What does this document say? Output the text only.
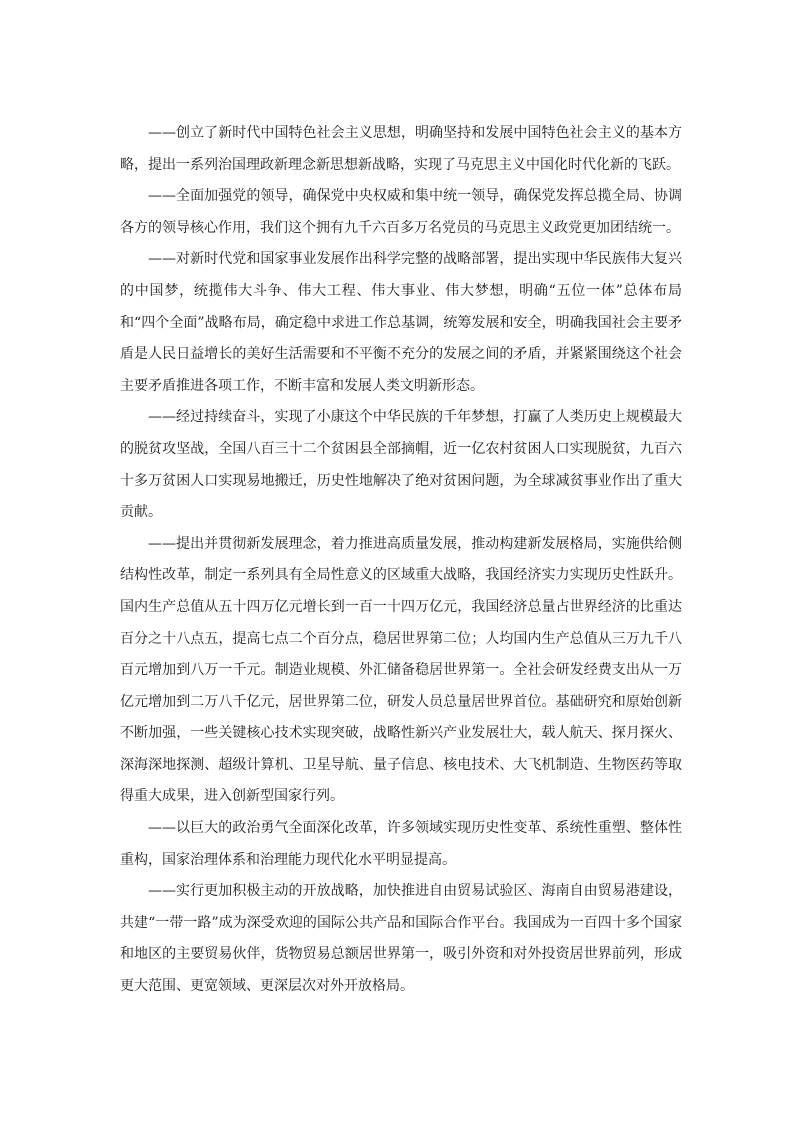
——创立了新时代中国特色社会主义思想，明确坚持和发展中国特色社会主义的基本方略，提出一系列治国理政新理念新思想新战略，实现了马克思主义中国化时代化新的飞跃。

——全面加强党的领导，确保党中央权威和集中统一领导，确保党发挥总揽全局、协调各方的领导核心作用，我们这个拥有九千六百多万名党员的马克思主义政党更加团结统一。

——对新时代党和国家事业发展作出科学完整的战略部署，提出实现中华民族伟大复兴的中国梦，统揽伟大斗争、伟大工程、伟大事业、伟大梦想，明确“五位一体”总体布局和“四个全面”战略布局，确定稳中求进工作总基调，统筹发展和安全，明确我国社会主要矛盾是人民日益增长的美好生活需要和不平衡不充分的发展之间的矛盾，并紧紧围绕这个社会主要矛盾推进各项工作，不断丰富和发展人类文明新形态。

——经过持续奋斗，实现了小康这个中华民族的千年梦想，打赢了人类历史上规模最大的脱贫攻坚战，全国八百三十二个贫困县全部摘帽，近一亿农村贫困人口实现脱贫，九百六十多万贫困人口实现易地搬迁，历史性地解决了绝对贫困问题，为全球减贫事业作出了重大贡献。

——提出并贯彻新发展理念，着力推进高质量发展，推动构建新发展格局，实施供给侧结构性改革，制定一系列具有全局性意义的区域重大战略，我国经济实力实现历史性跃升。国内生产总值从五十四万亿元增长到一百一十四万亿元，我国经济总量占世界经济的比重达百分之十八点五，提高七点二个百分点，稳居世界第二位；人均国内生产总值从三万九千八百元增加到八万一千元。制造业规模、外汇储备稳居世界第一。全社会研发经费支出从一万亿元增加到二万八千亿元，居世界第二位，研发人员总量居世界首位。基础研究和原始创新不断加强，一些关键核心技术实现突破，战略性新兴产业发展壮大，载人航天、探月探火、深海深地探测、超级计算机、卫星导航、量子信息、核电技术、大飞机制造、生物医药等取得重大成果，进入创新型国家行列。

——以巨大的政治勇气全面深化改革，许多领域实现历史性变革、系统性重塑、整体性重构，国家治理体系和治理能力现代化水平明显提高。

——实行更加积极主动的开放战略，加快推进自由贸易试验区、海南自由贸易港建设，共建“一带一路”成为深受欢迎的国际公共产品和国际合作平台。我国成为一百四十多个国家和地区的主要贸易伙伴，货物贸易总额居世界第一，吸引外资和对外投资居世界前列，形成更大范围、更宽领域、更深层次对外开放格局。
